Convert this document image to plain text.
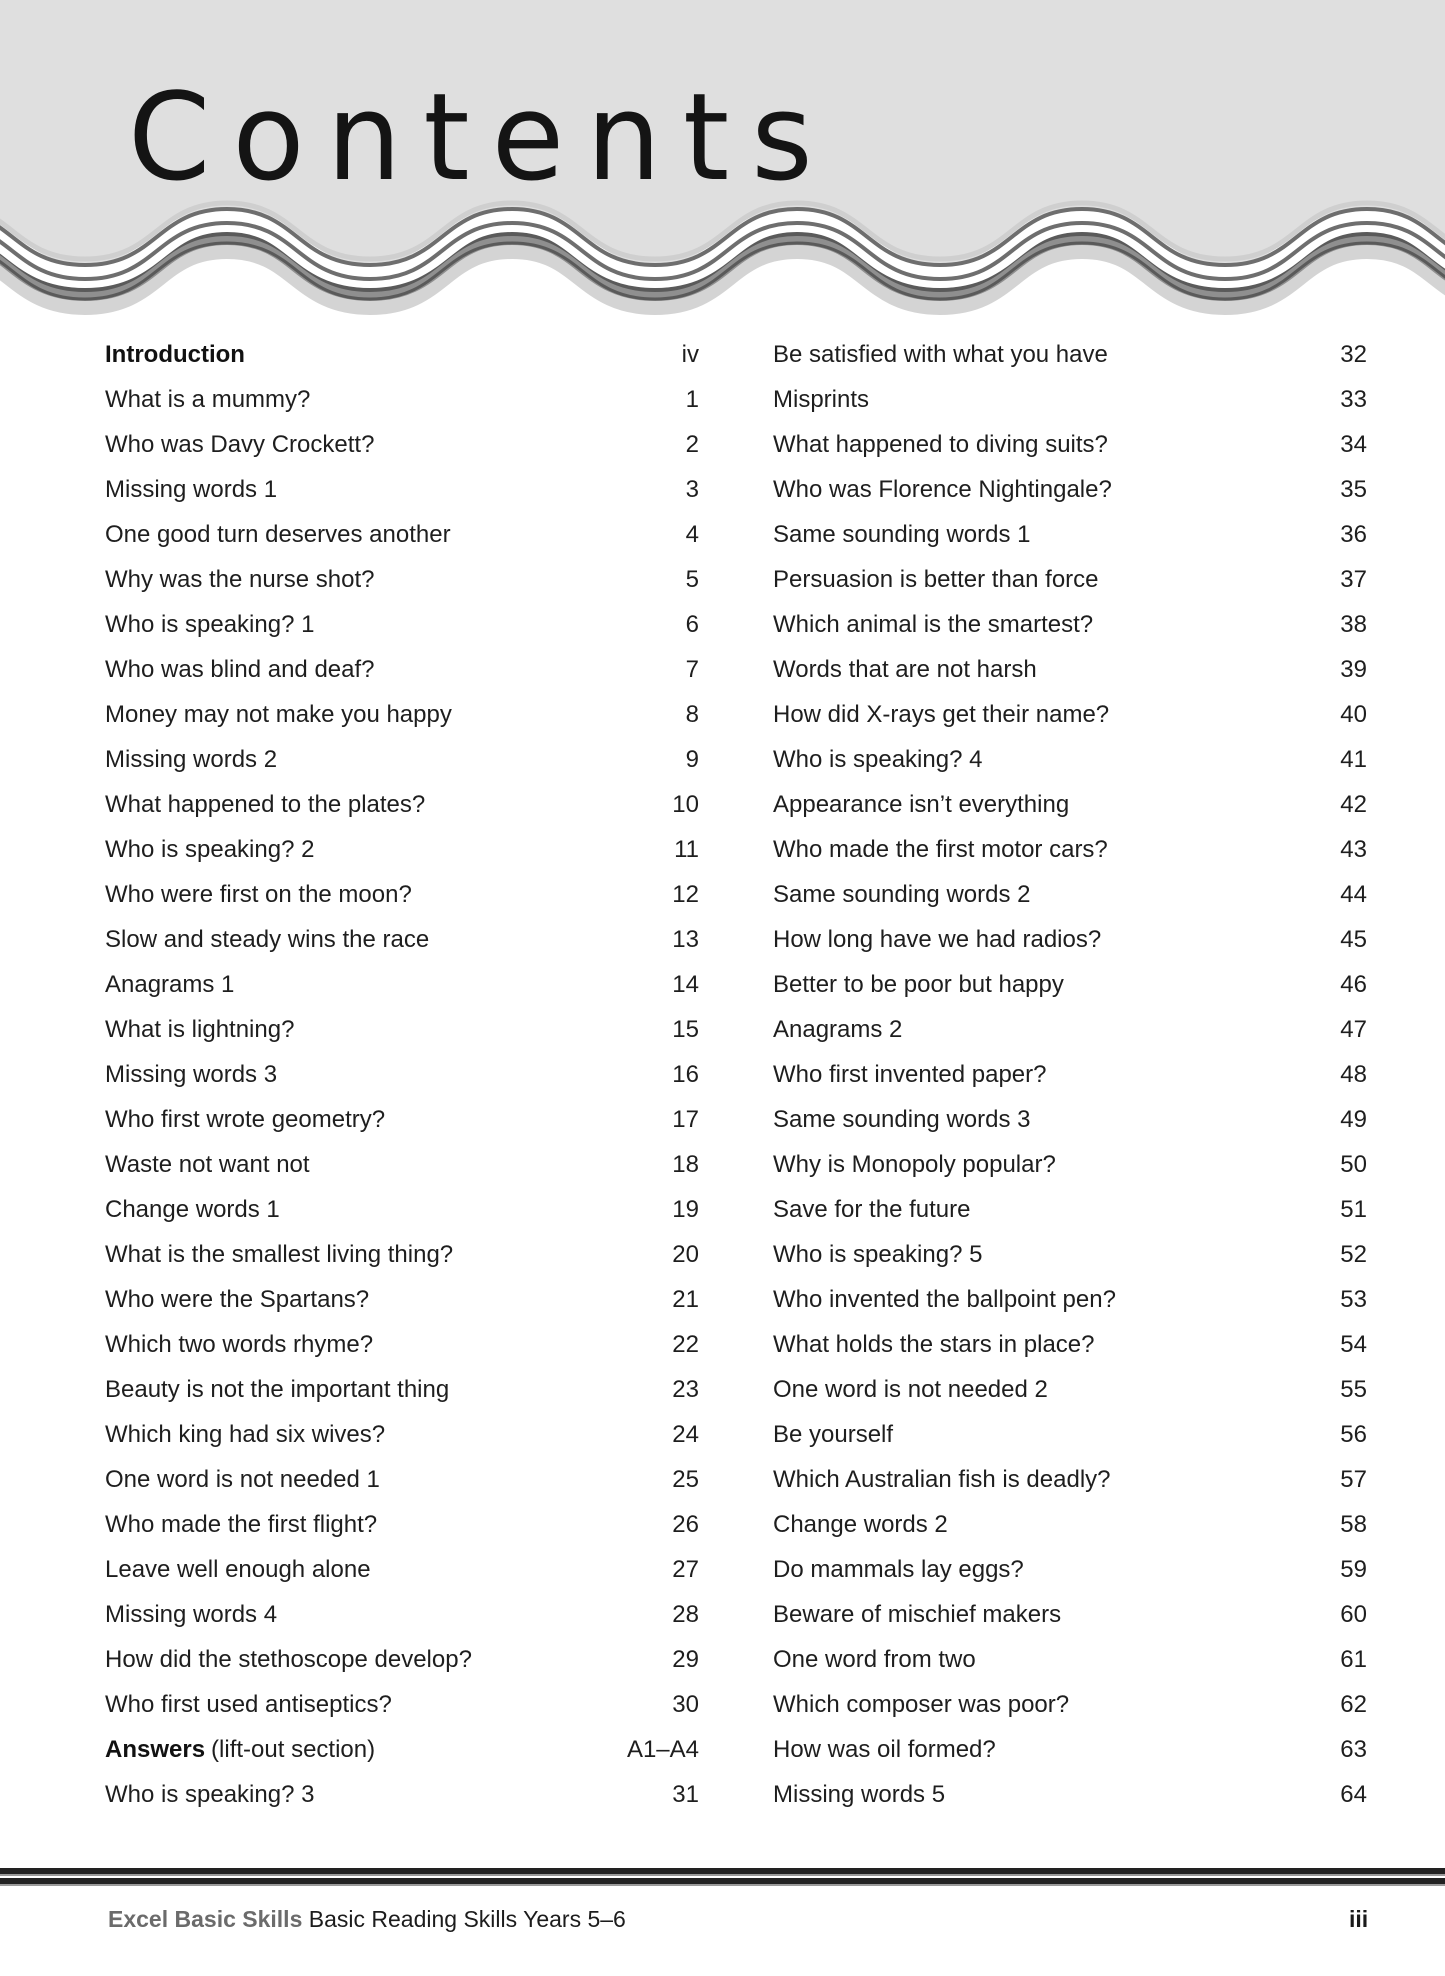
Contents
Introduction . . .	iv
What is a mummy? . . .	1
Who was Davy Crockett? . . .	2
Missing words 1 . . .	3
One good turn deserves another . . .	4
Why was the nurse shot? . . .	5
Who is speaking? 1 . . .	6
Who was blind and deaf? . . .	7
Money may not make you happy . . .	8
Missing words 2 . . .	9
What happened to the plates? . . .	10
Who is speaking? 2 . . .	11
Who were first on the moon? . . .	12
Slow and steady wins the race . . .	13
Anagrams 1 . . .	14
What is lightning? . . .	15
Missing words 3 . . .	16
Who first wrote geometry? . . .	17
Waste not want not . . .	18
Change words 1 . . .	19
What is the smallest living thing? . . .	20
Who were the Spartans? . . .	21
Which two words rhyme? . . .	22
Beauty is not the important thing . . .	23
Which king had six wives? . . .	24
One word is not needed 1 . . .	25
Who made the first flight? . . .	26
Leave well enough alone . . .	27
Missing words 4 . . .	28
How did the stethoscope develop? . . .	29
Who first used antiseptics? . . .	30
Answers (lift-out section) . . .	A1–A4
Who is speaking? 3 . . .	31
Be satisfied with what you have . . .	32
Misprints . . .	33
What happened to diving suits? . . .	34
Who was Florence Nightingale? . . .	35
Same sounding words 1 . . .	36
Persuasion is better than force . . .	37
Which animal is the smartest? . . .	38
Words that are not harsh . . .	39
How did X-rays get their name? . . .	40
Who is speaking? 4 . . .	41
Appearance isn’t everything . . .	42
Who made the first motor cars? . . .	43
Same sounding words 2 . . .	44
How long have we had radios? . . .	45
Better to be poor but happy . . .	46
Anagrams 2 . . .	47
Who first invented paper? . . .	48
Same sounding words 3 . . .	49
Why is Monopoly popular? . . .	50
Save for the future . . .	51
Who is speaking? 5 . . .	52
Who invented the ballpoint pen? . . .	53
What holds the stars in place? . . .	54
One word is not needed 2 . . .	55
Be yourself . . .	56
Which Australian fish is deadly? . . .	57
Change words 2 . . .	58
Do mammals lay eggs? . . .	59
Beware of mischief makers . . .	60
One word from two . . .	61
Which composer was poor? . . .	62
How was oil formed? . . .	63
Missing words 5 . . .	64
Excel Basic Skills Basic Reading Skills Years 5–6	iii
